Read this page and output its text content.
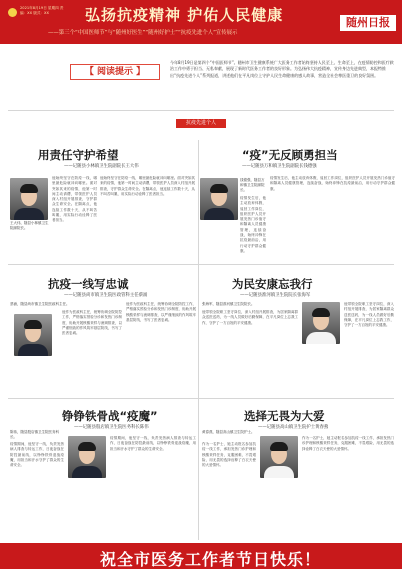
2021年8月19日 星期四 责编：XX 版式：XX	弘扬抗疫精神 护佑人民健康
——第三个“中国医师节”与“随州好医生”“随州好护士”“抗疫先进个人”宣传展示
随州日报
【 阅读提示 】
今年8月19日是第四个“中国医师节”。随州市卫生健康系统广大医务工作者始终坚持人民至上、生命至上，在疫情防控和医疗救治工作中勇于担当、无私奉献，展现了新时代医务工作者的良好形象。为弘扬伟大抗疫精神，宣传身边先进典型，本报特推出“抗疫先进个人”系列报道，讲述他们在平凡岗位上守护人民生命健康的感人故事，营造全社会尊医重卫的良好氛围。
抗疫先进个人
用责任守护希望
——记随县小林镇卫生院副院长王大伟
王大伟，随县小林镇卫生院副院长。
他始终坚守在防疫一线，哪里最危险就冲向哪里。面对突如其来的疫情，他第一时间主动请缨，带领医护人员深入村组开展排查，守护群众生命安全。在隔离点，他连续工作数十天，从不叫苦叫累，用实际行动诠释了医者担当。
他始终坚守在防疫一线，哪里最危险就冲向哪里。面对突如其来的疫情，他第一时间主动请缨，带领医护人员深入村组开展排查，守护群众生命安全。在隔离点，他连续工作数十天，从不叫苦叫累，用实际行动诠释了医者担当。
“疫”无反顾勇担当
——记随县万和镇卫生院副院长钱德强
钱德强，随县万和镇卫生院副院长。
疫情发生后，他主动放弃休假，返回工作岗位，组织医护人员开展发热门诊值守和隔离人员健康管理，连续奋战，始终冲锋在抗疫最前沿，用行动守护群众健康。
疫情发生后，他主动放弃休假，返回工作岗位，组织医护人员开展发热门诊值守和隔离人员健康管理，连续奋战，始终冲锋在抗疫最前沿，用行动守护群众健康。
抗疫一线写忠诚
——记随县尚市镇卫生院医政管科主任蔡涌
蔡涌，随县尚市镇卫生院医政科主任。
他作为医政科主任，统筹协调全院防控工作，严格落实预检分诊和发热门诊制度，协助开展核酸采样与流调排查，以严谨细致的作风筑牢基层防线，书写了医者忠诚。
他作为医政科主任，统筹协调全院防控工作，严格落实预检分诊和发热门诊制度，协助开展核酸采样与流调排查，以严谨细致的作风筑牢基层防线，书写了医者忠诚。
为民安康忘我行
——记随县淮河镇卫生院院长张海军
张海军，随县淮河镇卫生院院长。
他带领全院职工坚守岗位，深入村组开展排查，为居家隔离群众送医送药，为一线人员做好后勤保障，在平凡岗位上忘我工作，守护了一方百姓的平安健康。
他带领全院职工坚守岗位，深入村组开展排查，为居家隔离群众送医送药，为一线人员做好后勤保障，在平凡岗位上忘我工作，守护了一方百姓的平安健康。
铮铮铁骨战“疫魔”
——记随县殷店镇卫生院医务科长陈伟
陈伟，随县殷店镇卫生院医务科长。
疫情期间，他坚守一线，负责发热病人排查与转运工作，日夜奋战在防控最前线，以铮铮铁骨迎战疫魔，用担当和汗水守护了群众的生命安全。
疫情期间，他坚守一线，负责发热病人排查与转运工作，日夜奋战在防控最前线，以铮铮铁骨迎战疫魔，用担当和汗水守护了群众的生命安全。
选择无畏为大爱
——记随县高山镇卫生院护士黄春燕
黄春燕，随县高山镇卫生院护士。
作为一名护士，她主动报名参加抗疫一线工作，承担发热门诊护理和核酸采样任务，克服困难，不畏艰险，用无畏的选择诠释了白衣天使的大爱情怀。
作为一名护士，她主动报名参加抗疫一线工作，承担发热门诊护理和核酸采样任务，克服困难，不畏艰险，用无畏的选择诠释了白衣天使的大爱情怀。
祝全市医务工作者节日快乐！
